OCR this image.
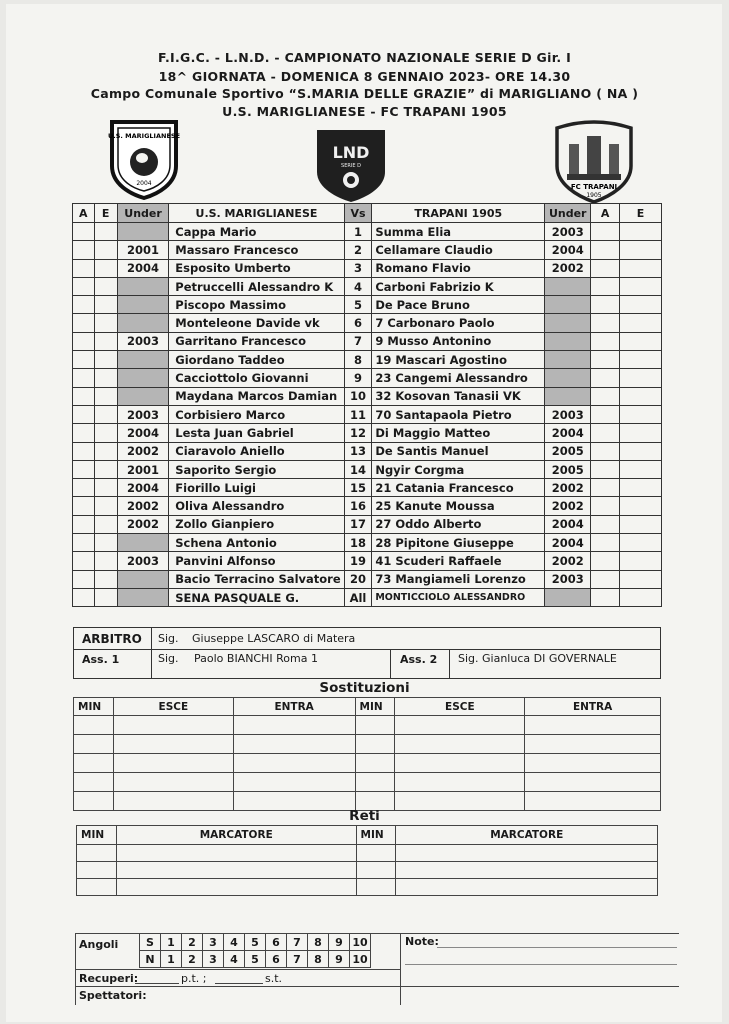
F.I.G.C. - L.N.D. - CAMPIONATO NAZIONALE SERIE D Gir. I
18^ GIORNATA - DOMENICA 8 GENNAIO 2023- ORE 14.30
Campo Comunale Sportivo “S.MARIA DELLE GRAZIE” di MARIGLIANO ( NA )
U.S. MARIGLIANESE - FC TRAPANI 1905
U.S. MARIGLIANESE
2004
LND
SERIE D
FC TRAPANI
1905
A	E	Under	U.S. MARIGLIANESE	Vs	TRAPANI 1905	Under	A	E
			Cappa Mario	1	Summa Elia	2003		
		2001	Massaro Francesco	2	Cellamare Claudio	2004		
		2004	Esposito Umberto	3	Romano Flavio	2002		
			Petruccelli Alessandro K	4	Carboni Fabrizio K			
			Piscopo Massimo	5	De Pace Bruno			
			Monteleone Davide vk	6	7 Carbonaro Paolo			
		2003	Garritano Francesco	7	9 Musso Antonino			
			Giordano Taddeo	8	19 Mascari Agostino			
			Cacciottolo Giovanni	9	23 Cangemi Alessandro			
			Maydana Marcos Damian	10	32 Kosovan Tanasii VK			
		2003	Corbisiero Marco	11	70 Santapaola Pietro	2003		
		2004	Lesta Juan Gabriel	12	Di Maggio Matteo	2004		
		2002	Ciaravolo Aniello	13	De Santis Manuel	2005		
		2001	Saporito Sergio	14	Ngyir Corgma	2005		
		2004	Fiorillo Luigi	15	21 Catania Francesco	2002		
		2002	Oliva Alessandro	16	25 Kanute Moussa	2002		
		2002	Zollo Gianpiero	17	27 Oddo Alberto	2004		
			Schena Antonio	18	28 Pipitone Giuseppe	2004		
		2003	Panvini Alfonso	19	41 Scuderi Raffaele	2002		
			Bacio Terracino Salvatore	20	73 Mangiameli Lorenzo	2003		
			SENA PASQUALE G.	All	MONTICCIOLO ALESSANDRO			
ARBITRO Sig. Giuseppe LASCARO di Matera
Ass. 1	Sig. Paolo BIANCHI Roma 1	Ass. 2 Sig. Gianluca DI GOVERNALE
Sostituzioni
MIN	ESCE	ENTRA	MIN	ESCE	ENTRA

Reti
MIN	MARCATORE	MIN	MARCATORE

Angoli	S	1	2	3	4	5	6	7	8	9	10
N	1	2	3	4	5	6	7	8	9	10
Note:
Recuperi:	p.t. ;	s.t.
Spettatori:
